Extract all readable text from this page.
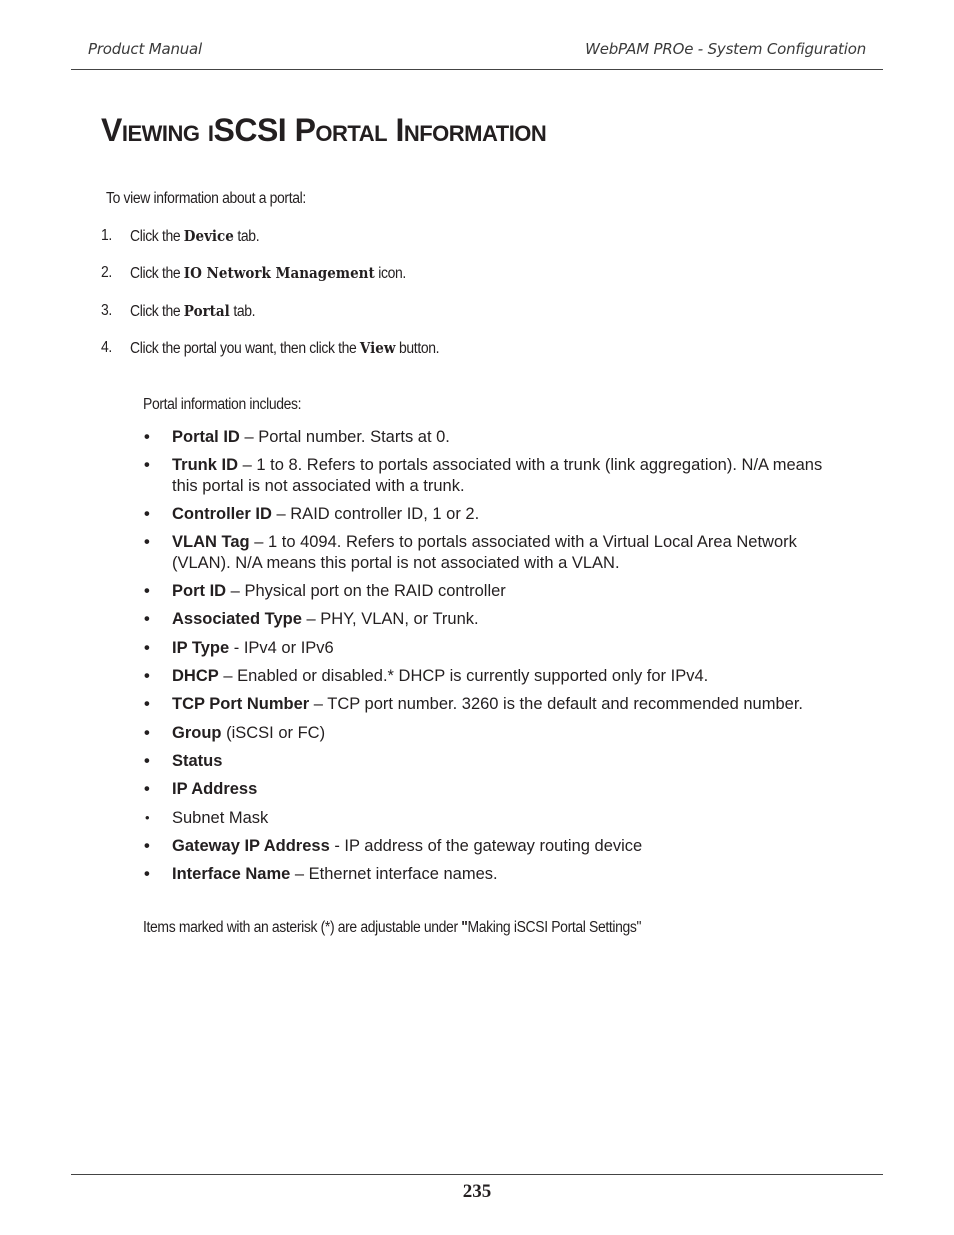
Product Manual	WebPAM PROe - System Configuration
Viewing iSCSI Portal Information
To view information about a portal:
1.	Click the Device tab.
2.	Click the IO Network Management icon.
3.	Click the Portal tab.
4.	Click the portal you want, then click the View button.
Portal information includes:
• Portal ID – Portal number. Starts at 0.
• Trunk ID – 1 to 8. Refers to portals associated with a trunk (link aggregation). N/A means this portal is not associated with a trunk.
• Controller ID – RAID controller ID, 1 or 2.
• VLAN Tag – 1 to 4094. Refers to portals associated with a Virtual Local Area Network (VLAN). N/A means this portal is not associated with a VLAN.
• Port ID – Physical port on the RAID controller
• Associated Type – PHY, VLAN, or Trunk.
• IP Type - IPv4 or IPv6
• DHCP – Enabled or disabled.* DHCP is currently supported only for IPv4.
• TCP Port Number – TCP port number. 3260 is the default and recommended number.
• Group (iSCSI or FC)
• Status
• IP Address
• Subnet Mask
• Gateway IP Address - IP address of the gateway routing device
• Interface Name – Ethernet interface names.
Items marked with an asterisk (*) are adjustable under "Making iSCSI Portal Settings"
235
